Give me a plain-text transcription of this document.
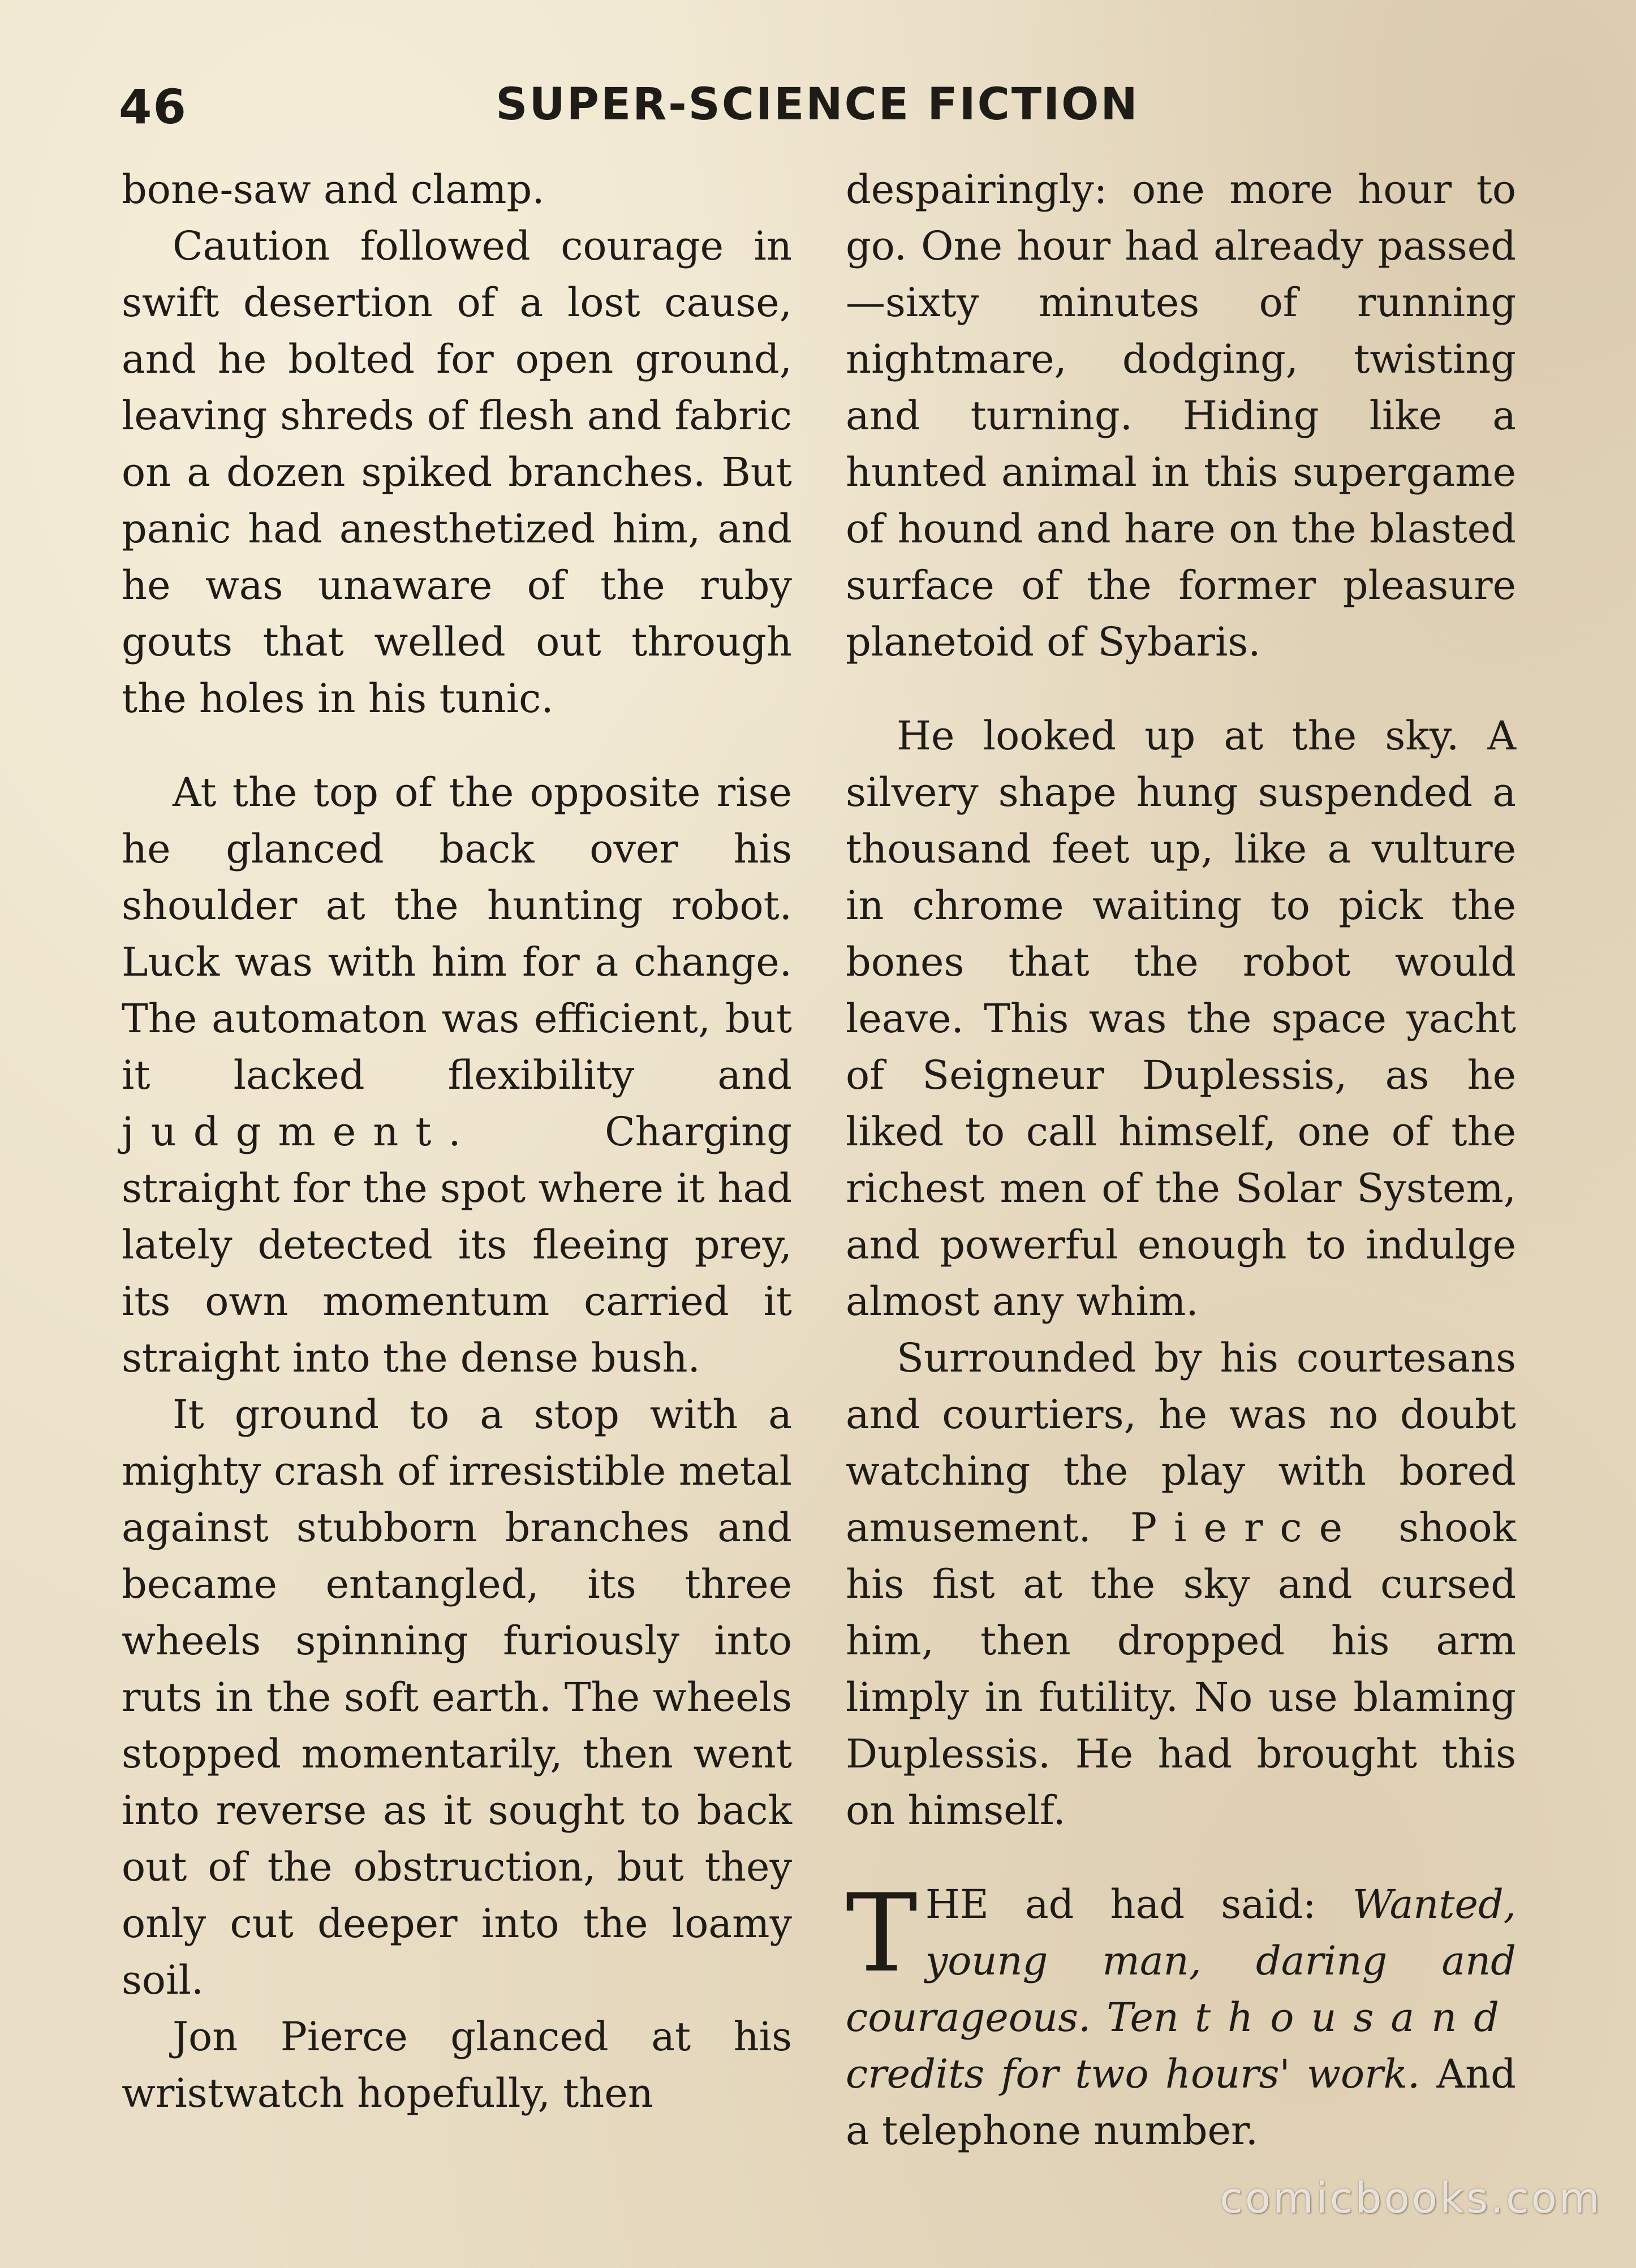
46	SUPER-SCIENCE FICTION

bone-saw and clamp.

Caution followed courage in swift desertion of a lost cause, and he bolted for open ground, leaving shreds of flesh and fabric on a dozen spiked branches. But panic had anesthetized him, and he was unaware of the ruby gouts that welled out through the holes in his tunic.

At the top of the opposite rise he glanced back over his shoulder at the hunting robot. Luck was with him for a change. The automaton was efficient, but it lacked flexibility and judgment. Charging straight for the spot where it had lately detected its fleeing prey, its own momentum carried it straight into the dense bush.

It ground to a stop with a mighty crash of irresistible metal against stubborn branches and became entangled, its three wheels spinning furiously into ruts in the soft earth. The wheels stopped momentarily, then went into reverse as it sought to back out of the obstruction, but they only cut deeper into the loamy soil.

Jon Pierce glanced at his wristwatch hopefully, then

despairingly: one more hour to go. One hour had already passed—sixty minutes of running nightmare, dodging, twisting and turning. Hiding like a hunted animal in this supergame of hound and hare on the blasted surface of the former pleasure planetoid of Sybaris.

He looked up at the sky. A silvery shape hung suspended a thousand feet up, like a vulture in chrome waiting to pick the bones that the robot would leave. This was the space yacht of Seigneur Duplessis, as he liked to call himself, one of the richest men of the Solar System, and powerful enough to indulge almost any whim.

Surrounded by his courtesans and courtiers, he was no doubt watching the play with bored amusement. Pierce shook his fist at the sky and cursed him, then dropped his arm limply in futility. No use blaming Duplessis. He had brought this on himself.

THE ad had said: Wanted, young man, daring and courageous. Ten thousand credits for two hours' work. And a telephone number.

comicbooks.com
